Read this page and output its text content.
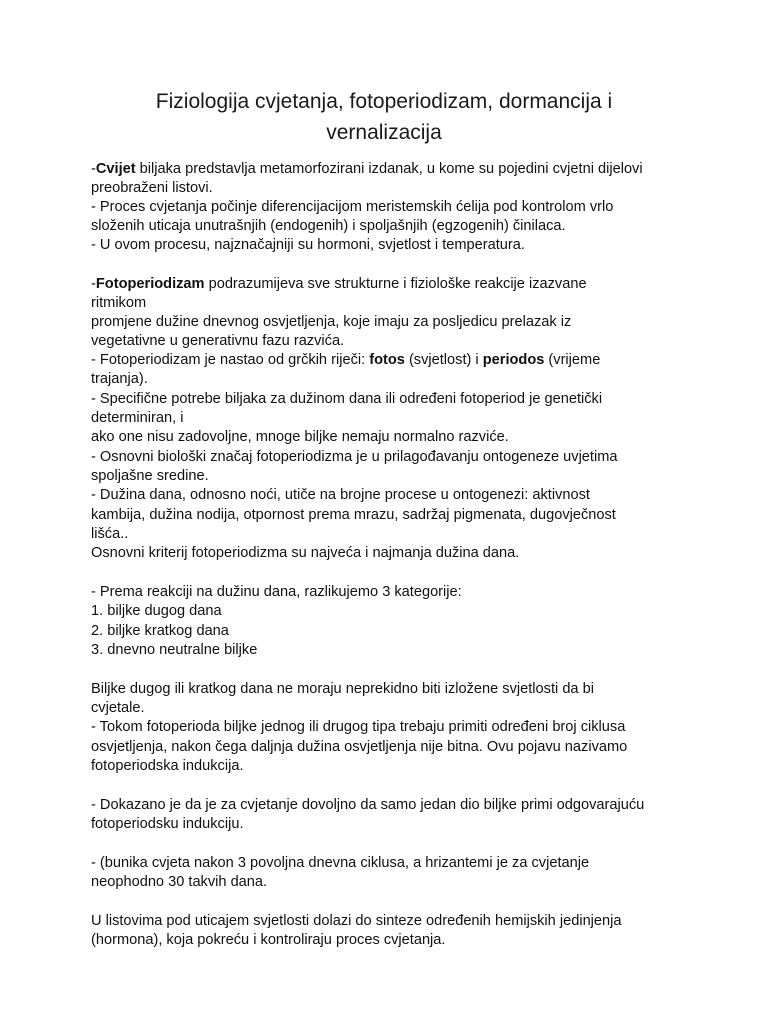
Fiziologija cvjetanja, fotoperiodizam, dormancija i
vernalizacija
-Cvijet biljaka predstavlja metamorfozirani izdanak, u kome su pojedini cvjetni dijelovi
preobraženi listovi.
- Proces cvjetanja počinje diferencijacijom meristemskih ćelija pod kontrolom vrlo
složenih uticaja unutrašnjih (endogenih) i spoljašnjih (egzogenih) činilaca.
- U ovom procesu, najznačajniji su hormoni, svjetlost i temperatura.
-Fotoperiodizam podrazumijeva sve strukturne i fiziološke reakcije izazvane
ritmikom
promjene dužine dnevnog osvjetljenja, koje imaju za posljedicu prelazak iz
vegetativne u generativnu fazu razvića.
- Fotoperiodizam je nastao od grčkih riječi: fotos (svjetlost) i periodos (vrijeme
trajanja).
- Specifične potrebe biljaka za dužinom dana ili određeni fotoperiod je genetički
determiniran, i
ako one nisu zadovoljne, mnoge biljke nemaju normalno razviće.
- Osnovni biološki značaj fotoperiodizma je u prilagođavanju ontogeneze uvjetima
spoljašne sredine.
- Dužina dana, odnosno noći, utiče na brojne procese u ontogenezi: aktivnost
kambija, dužina nodija, otpornost prema mrazu, sadržaj pigmenata, dugovječnost
lišća..
Osnovni kriterij fotoperiodizma su najveća i najmanja dužina dana.
- Prema reakciji na dužinu dana, razlikujemo 3 kategorije:
1. biljke dugog dana
2. biljke kratkog dana
3. dnevno neutralne biljke
Biljke dugog ili kratkog dana ne moraju neprekidno biti izložene svjetlosti da bi
cvjetale.
- Tokom fotoperioda biljke jednog ili drugog tipa trebaju primiti određeni broj ciklusa
osvjetljenja, nakon čega daljnja dužina osvjetljenja nije bitna. Ovu pojavu nazivamo
fotoperiodska indukcija.
- Dokazano je da je za cvjetanje dovoljno da samo jedan dio biljke primi odgovarajuću
fotoperiodsku indukciju.
- (bunika cvjeta nakon 3 povoljna dnevna ciklusa, a hrizantemi je za cvjetanje
neophodno 30 takvih dana.
U listovima pod uticajem svjetlosti dolazi do sinteze određenih hemijskih jedinjenja
(hormona), koja pokreću i kontroliraju proces cvjetanja.
